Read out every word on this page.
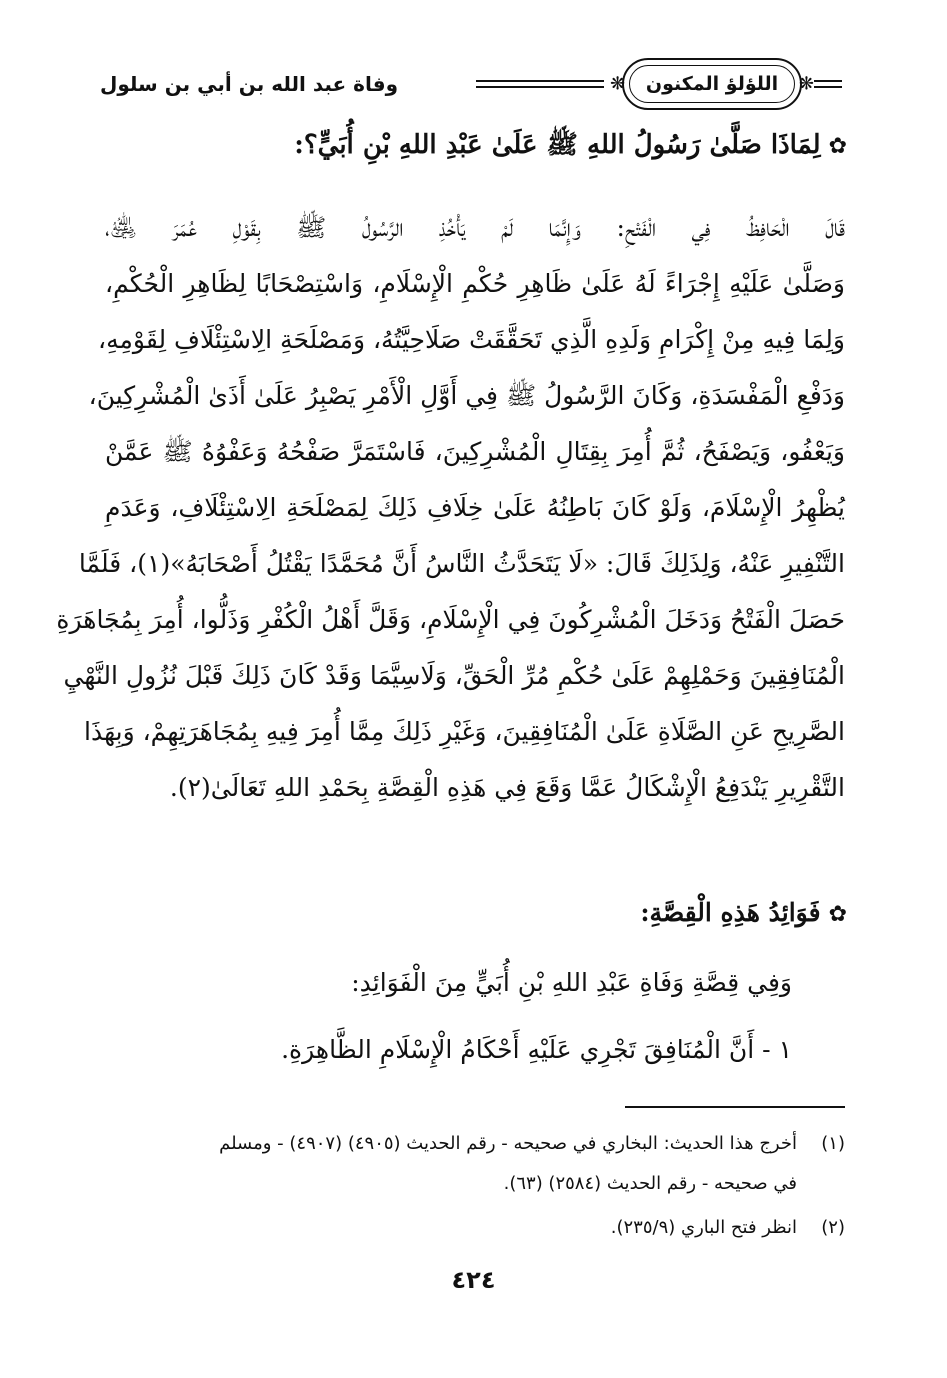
❋
اللؤلؤ المكنون
❋
وفاة عبد الله بن أبي بن سلول
✿لِمَاذَا صَلَّىٰ رَسُولُ اللهِ ﷺ عَلَىٰ عَبْدِ اللهِ بْنِ أُبَيٍّ؟:
قَالَ الْحَافِظُ فِي الْفَتْحِ: وَإِنَّمَا لَمْ يَأْخُذِ الرَّسُولُ ﷺ بِقَوْلِ عُمَرَ ﵁،
وَصَلَّىٰ عَلَيْهِ إِجْرَاءً لَهُ عَلَىٰ ظَاهِرِ حُكْمِ الْإِسْلَامِ، وَاسْتِصْحَابًا لِظَاهِرِ الْحُكْمِ،
وَلِمَا فِيهِ مِنْ إِكْرَامِ وَلَدِهِ الَّذِي تَحَقَّقَتْ صَلَاحِيَّتُهُ، وَمَصْلَحَةِ الِاسْتِئْلَافِ لِقَوْمِهِ،
وَدَفْعِ الْمَفْسَدَةِ، وَكَانَ الرَّسُولُ ﷺ فِي أَوَّلِ الْأَمْرِ يَصْبِرُ عَلَىٰ أَذَىٰ الْمُشْرِكِينَ،
وَيَعْفُو، وَيَصْفَحُ، ثُمَّ أُمِرَ بِقِتَالِ الْمُشْرِكِينَ، فَاسْتَمَرَّ صَفْحُهُ وَعَفْوُهُ ﷺ عَمَّنْ
يُظْهِرُ الْإِسْلَامَ، وَلَوْ كَانَ بَاطِنُهُ عَلَىٰ خِلَافِ ذَلِكَ لِمَصْلَحَةِ الِاسْتِئْلَافِ، وَعَدَمِ
التَّنْفِيرِ عَنْهُ، وَلِذَلِكَ قَالَ: «لَا يَتَحَدَّثُ النَّاسُ أَنَّ مُحَمَّدًا يَقْتُلُ أَصْحَابَهُ»(١)، فَلَمَّا
حَصَلَ الْفَتْحُ وَدَخَلَ الْمُشْرِكُونَ فِي الْإِسْلَامِ، وَقَلَّ أَهْلُ الْكُفْرِ وَذَلُّوا، أُمِرَ بِمُجَاهَرَةِ
الْمُنَافِقِينَ وَحَمْلِهِمْ عَلَىٰ حُكْمِ مُرِّ الْحَقِّ، وَلَاسِيَّمَا وَقَدْ كَانَ ذَلِكَ قَبْلَ نُزُولِ النَّهْيِ
الصَّرِيحِ عَنِ الصَّلَاةِ عَلَىٰ الْمُنَافِقِينَ، وَغَيْرِ ذَلِكَ مِمَّا أُمِرَ فِيهِ بِمُجَاهَرَتِهِمْ، وَبِهَذَا
التَّقْرِيرِ يَنْدَفِعُ الْإِشْكَالُ عَمَّا وَقَعَ فِي هَذِهِ الْقِصَّةِ بِحَمْدِ اللهِ تَعَالَىٰ(٢).
✿فَوَائِدُ هَذِهِ الْقِصَّةِ:
وَفِي قِصَّةِ وَفَاةِ عَبْدِ اللهِ بْنِ أُبَيٍّ مِنَ الْفَوَائِدِ:
١ - أَنَّ الْمُنَافِقَ تَجْرِي عَلَيْهِ أَحْكَامُ الْإِسْلَامِ الظَّاهِرَةِ.
(١)أخرج هذا الحديث: البخاري في صحيحه - رقم الحديث (٤٩٠٥) (٤٩٠٧) - ومسلم
في صحيحه - رقم الحديث (٢٥٨٤) (٦٣).
(٢)انظر فتح الباري (٢٣٥/٩).
٤٢٤
